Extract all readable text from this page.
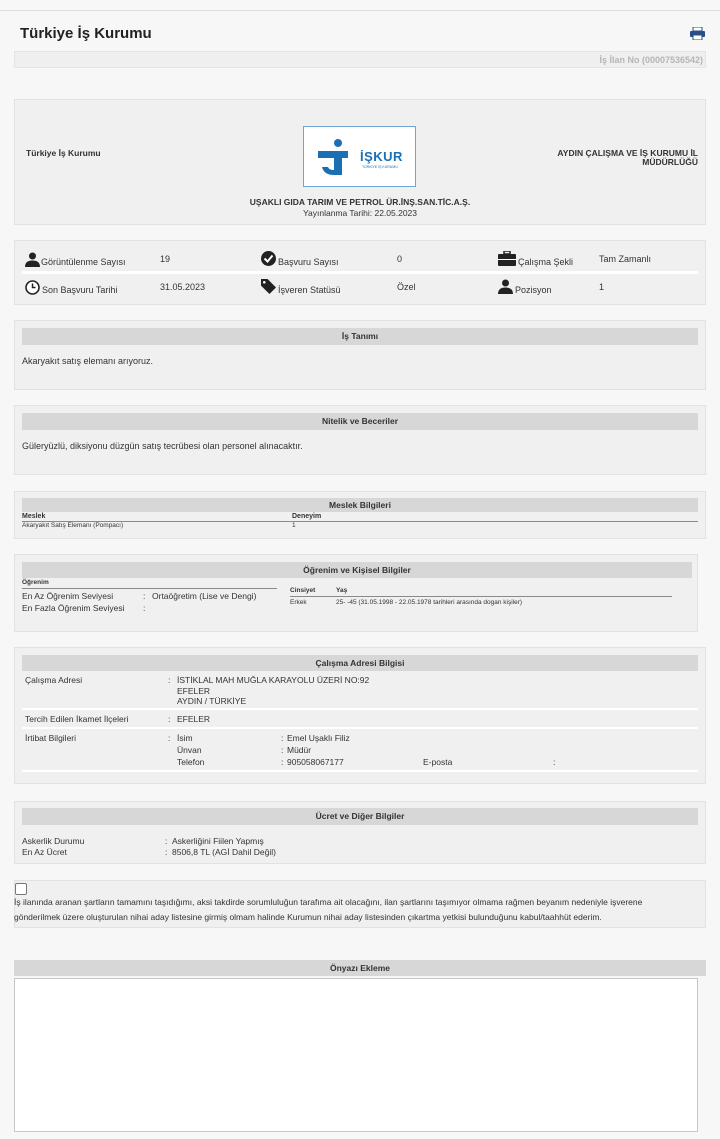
Türkiye İş Kurumu
İş İlan No (00007536542)
Türkiye İş Kurumu	AYDIN ÇALIŞMA VE İŞ KURUMU İL
MÜDÜRLÜĞÜ
İŞKUR
TÜRKİYE İŞ KURUMU
UŞAKLI GIDA TARIM VE PETROL ÜR.İNŞ.SAN.TİC.A.Ş.
Yayınlanma Tarihi: 22.05.2023
Görüntülenme Sayısı	19	Başvuru Sayısı	0	Çalışma Şekli	Tam Zamanlı
Son Başvuru Tarihi	31.05.2023	İşveren Statüsü	Özel	Pozisyon	1
İş Tanımı
Akaryakıt satış elemanı arıyoruz.
Nitelik ve Beceriler
Güleryüzlü, diksiyonu düzgün satış tecrübesi olan personel alınacaktır.
Meslek Bilgileri
Meslek	Deneyim
Akaryakıt Satış Elemanı (Pompacı)	1
Öğrenim ve Kişisel Bilgiler
Öğrenim
En Az Öğrenim Seviyesi	: Ortaöğretim (Lise ve Dengi)
En Fazla Öğrenim Seviyesi :
Cinsiyet	Yaş
Erkek	25- -45 (31.05.1998 - 22.05.1978 tarihleri arasında dogan kişiler)
Çalışma Adresi Bilgisi
Çalışma Adresi	: İSTİKLAL MAH MUĞLA KARAYOLU ÜZERİ NO:92
EFELER
AYDIN / TÜRKİYE
Tercih Edilen İkamet İlçeleri	: EFELER
İrtibat Bilgileri	: İsim	: Emel Uşaklı Filiz
Ünvan	: Müdür
Telefon	: 905058067177	E-posta	:
Ücret ve Diğer Bilgiler
Askerlik Durumu	: Askerliğini Fiilen Yapmış
En Az Ücret	: 8506,8 TL (AGİ Dahil Değil)
İş ilanında aranan şartların tamamını taşıdığımı, aksi takdirde sorumluluğun tarafıma ait olacağını, ilan şartlarını taşımıyor olmama rağmen beyanım nedeniyle işverene
gönderilmek üzere oluşturulan nihai aday listesine girmiş olmam halinde Kurumun nihai aday listesinden çıkartma yetkisi bulunduğunu kabul/taahhüt ederim.
Önyazı Ekleme
